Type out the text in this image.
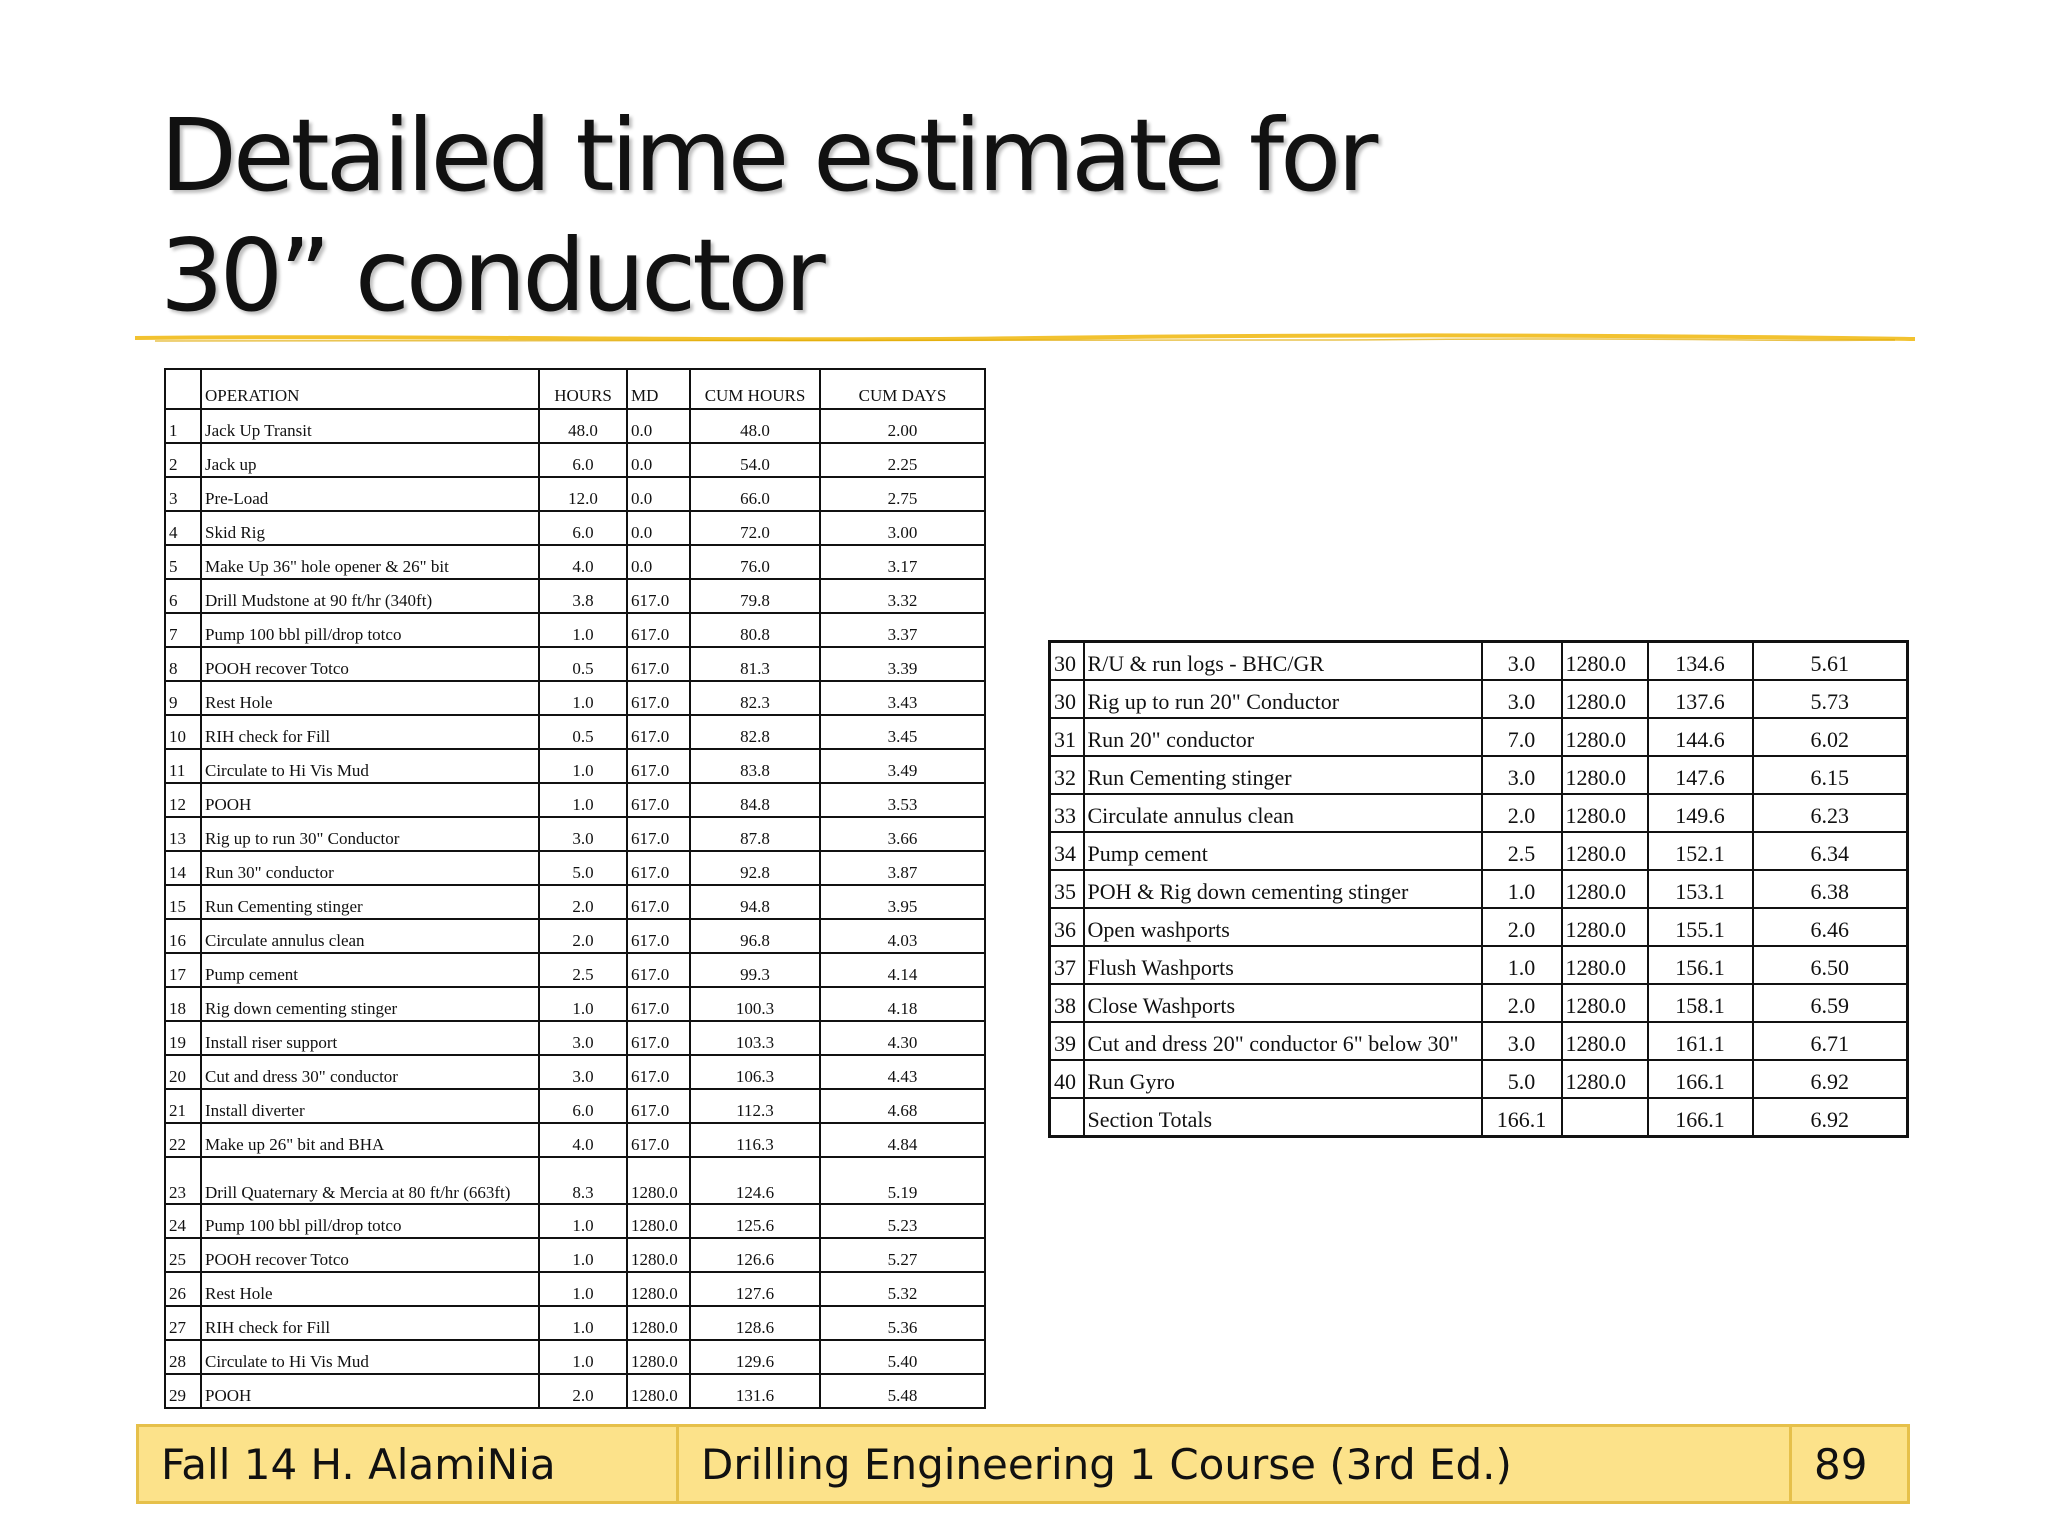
Detailed time estimate for
30” conductor
	OPERATION	HOURS	MD	CUM HOURS	CUM DAYS
1	Jack Up Transit	48.0	0.0	48.0	2.00
2	Jack up	6.0	0.0	54.0	2.25
3	Pre-Load	12.0	0.0	66.0	2.75
4	Skid Rig	6.0	0.0	72.0	3.00
5	Make Up 36" hole opener & 26" bit	4.0	0.0	76.0	3.17
6	Drill Mudstone at 90 ft/hr (340ft)	3.8	617.0	79.8	3.32
7	Pump 100 bbl pill/drop totco	1.0	617.0	80.8	3.37
8	POOH recover Totco	0.5	617.0	81.3	3.39
9	Rest Hole	1.0	617.0	82.3	3.43
10	RIH check for Fill	0.5	617.0	82.8	3.45
11	Circulate to Hi Vis Mud	1.0	617.0	83.8	3.49
12	POOH	1.0	617.0	84.8	3.53
13	Rig up to run 30" Conductor	3.0	617.0	87.8	3.66
14	Run 30" conductor	5.0	617.0	92.8	3.87
15	Run Cementing stinger	2.0	617.0	94.8	3.95
16	Circulate annulus clean	2.0	617.0	96.8	4.03
17	Pump cement	2.5	617.0	99.3	4.14
18	Rig down cementing stinger	1.0	617.0	100.3	4.18
19	Install riser support	3.0	617.0	103.3	4.30
20	Cut and dress 30" conductor	3.0	617.0	106.3	4.43
21	Install diverter	6.0	617.0	112.3	4.68
22	Make up 26" bit and BHA	4.0	617.0	116.3	4.84
23	Drill Quaternary & Mercia at 80 ft/hr (663ft)	8.3	1280.0	124.6	5.19
24	Pump 100 bbl pill/drop totco	1.0	1280.0	125.6	5.23
25	POOH recover Totco	1.0	1280.0	126.6	5.27
26	Rest Hole	1.0	1280.0	127.6	5.32
27	RIH check for Fill	1.0	1280.0	128.6	5.36
28	Circulate to Hi Vis Mud	1.0	1280.0	129.6	5.40
29	POOH	2.0	1280.0	131.6	5.48
30	R/U & run logs - BHC/GR	3.0	1280.0	134.6	5.61
30	Rig up to run 20" Conductor	3.0	1280.0	137.6	5.73
31	Run 20" conductor	7.0	1280.0	144.6	6.02
32	Run Cementing stinger	3.0	1280.0	147.6	6.15
33	Circulate annulus clean	2.0	1280.0	149.6	6.23
34	Pump cement	2.5	1280.0	152.1	6.34
35	POH & Rig down cementing stinger	1.0	1280.0	153.1	6.38
36	Open washports	2.0	1280.0	155.1	6.46
37	Flush Washports	1.0	1280.0	156.1	6.50
38	Close Washports	2.0	1280.0	158.1	6.59
39	Cut and dress 20" conductor 6" below 30"	3.0	1280.0	161.1	6.71
40	Run Gyro	5.0	1280.0	166.1	6.92
	Section Totals	166.1		166.1	6.92
Fall 14 H. AlamiNia	Drilling Engineering 1 Course (3rd Ed.)	89
